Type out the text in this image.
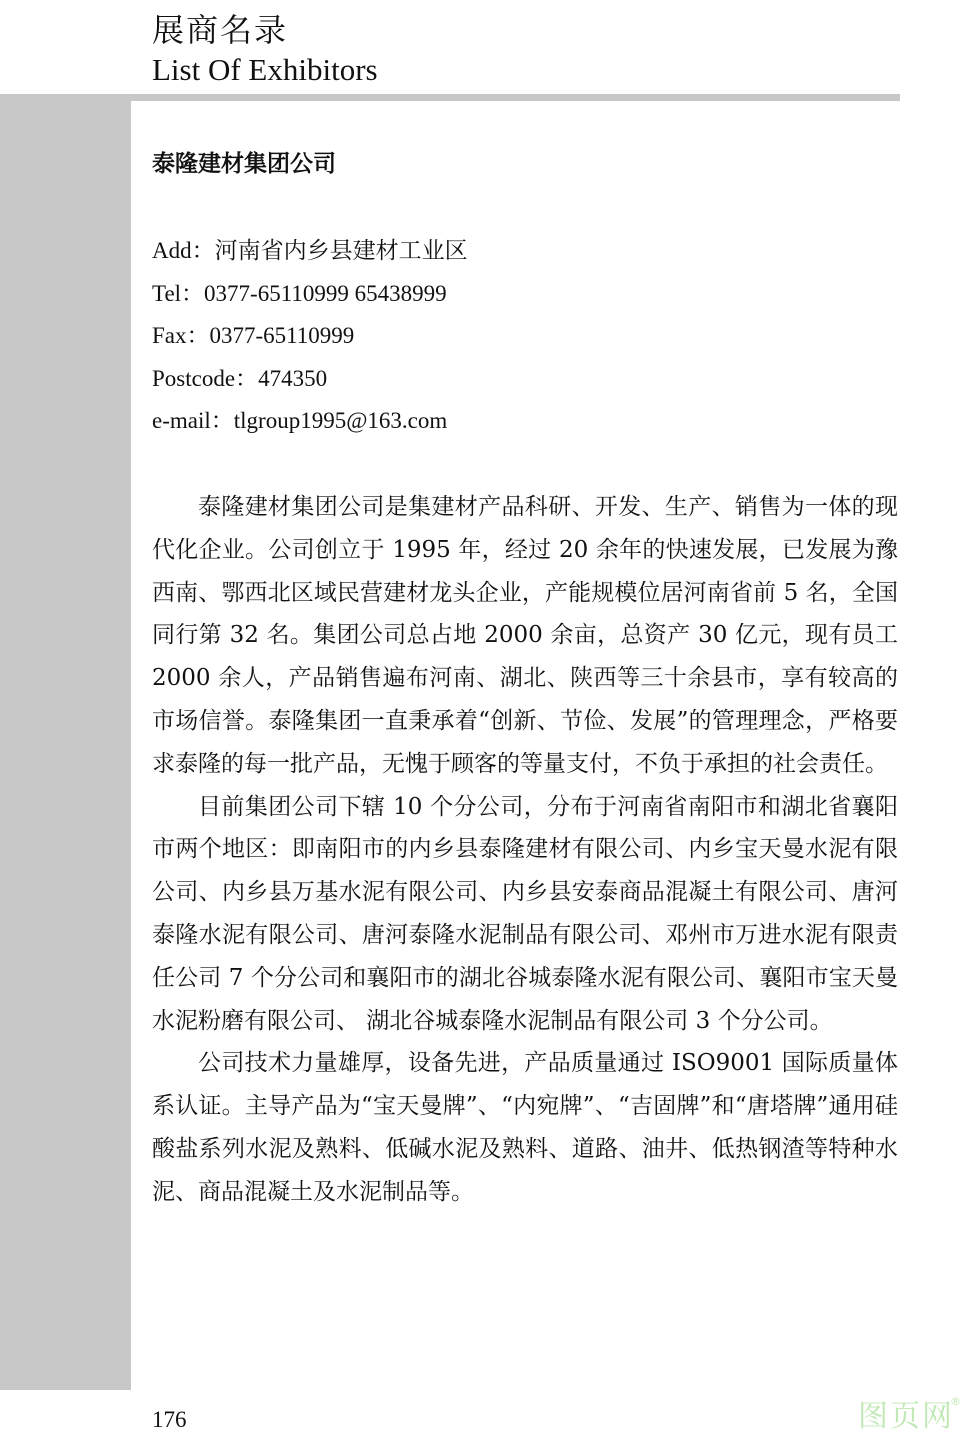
展商名录
List Of Exhibitors
泰隆建材集团公司
Add：河南省内乡县建材工业区
Tel：0377-65110999 65438999
Fax：0377-65110999
Postcode：474350
e-mail：tlgroup1995@163.com

泰隆建材集团公司是集建材产品科研、开发、生产、销售为一体的现代化企业。公司创立于 1995 年，经过 20 余年的快速发展，已发展为豫西南、鄂西北区域民营建材龙头企业，产能规模位居河南省前 5 名，全国同行第 32 名。集团公司总占地 2000 余亩，总资产 30 亿元，现有员工 2000 余人，产品销售遍布河南、湖北、陕西等三十余县市，享有较高的市场信誉。泰隆集团一直秉承着“创新、节俭、发展”的管理理念，严格要求泰隆的每一批产品，无愧于顾客的等量支付，不负于承担的社会责任。

目前集团公司下辖 10 个分公司，分布于河南省南阳市和湖北省襄阳市两个地区：即南阳市的内乡县泰隆建材有限公司、内乡宝天曼水泥有限公司、内乡县万基水泥有限公司、内乡县安泰商品混凝土有限公司、唐河泰隆水泥有限公司、唐河泰隆水泥制品有限公司、邓州市万进水泥有限责任公司 7 个分公司和襄阳市的湖北谷城泰隆水泥有限公司、襄阳市宝天曼水泥粉磨有限公司、 湖北谷城泰隆水泥制品有限公司 3 个分公司。

公司技术力量雄厚，设备先进，产品质量通过 ISO9001 国际质量体系认证。主导产品为“宝天曼牌”、“内宛牌”、“吉固牌”和“唐塔牌”通用硅酸盐系列水泥及熟料、低碱水泥及熟料、道路、油井、低热钢渣等特种水泥、商品混凝土及水泥制品等。

176	图页网®
